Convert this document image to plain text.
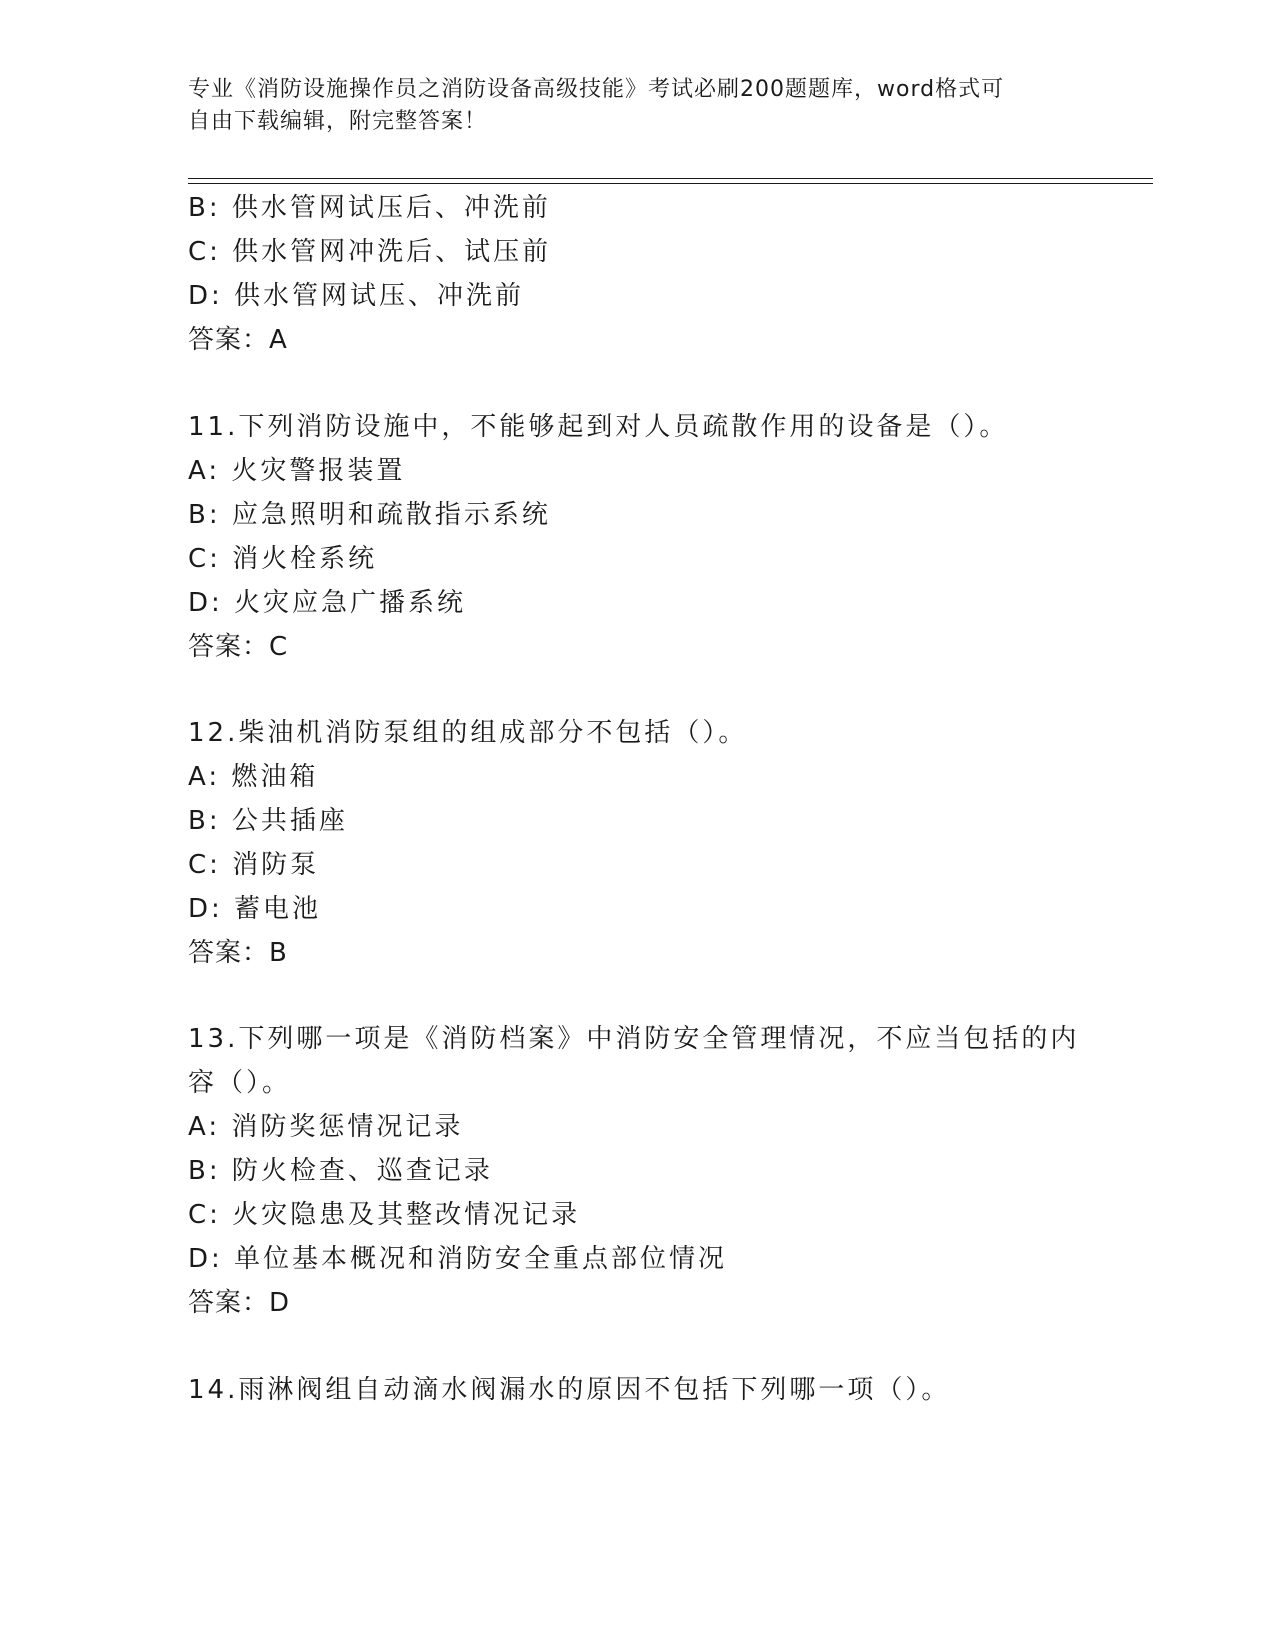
专业《消防设施操作员之消防设备高级技能》考试必刷200题题库，word格式可
自由下载编辑，附完整答案！
B: 供水管网试压后、冲洗前
C: 供水管网冲洗后、试压前
D: 供水管网试压、冲洗前
答案：A
11.下列消防设施中，不能够起到对人员疏散作用的设备是（）。
A: 火灾警报装置
B: 应急照明和疏散指示系统
C: 消火栓系统
D: 火灾应急广播系统
答案：C
12.柴油机消防泵组的组成部分不包括（）。
A: 燃油箱
B: 公共插座
C: 消防泵
D: 蓄电池
答案：B
13.下列哪一项是《消防档案》中消防安全管理情况，不应当包括的内
容（）。
A: 消防奖惩情况记录
B: 防火检查、巡查记录
C: 火灾隐患及其整改情况记录
D: 单位基本概况和消防安全重点部位情况
答案：D
14.雨淋阀组自动滴水阀漏水的原因不包括下列哪一项（）。
